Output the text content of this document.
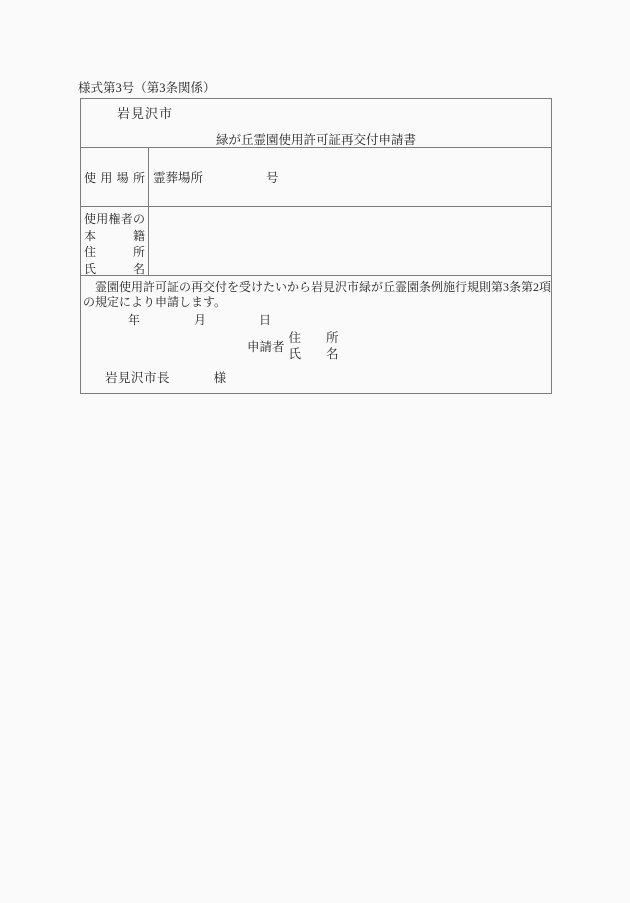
様式第3号（第3条関係）
岩見沢市
緑が丘霊園使用許可証再交付申請書
使 用 場 所 霊葬場所	号
使用権者の
本 籍
住 所
氏 名
霊園使用許可証の再交付を受けたいから岩見沢市緑が丘霊園条例施行規則第3条第2項
の規定により申請します。
年	月	日
申請者
住　　所
氏　　名
岩見沢市長	様
